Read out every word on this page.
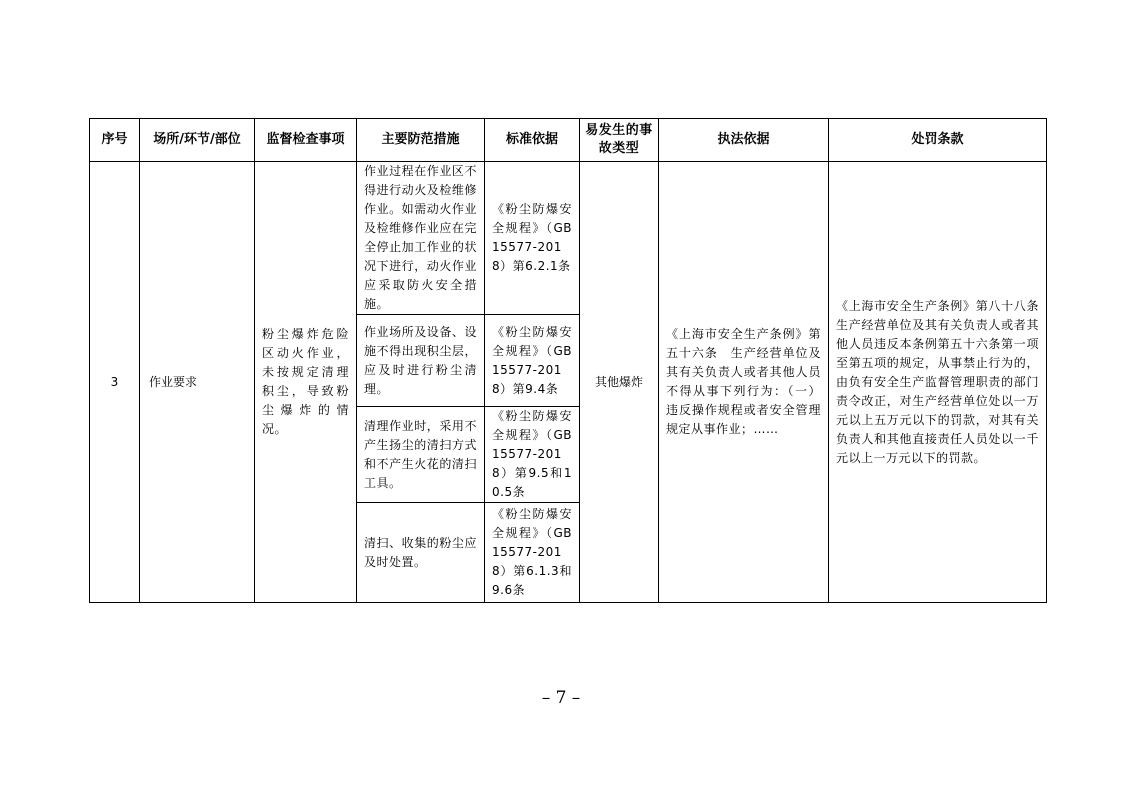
序号	场所/环节/部位	监督检查事项	主要防范措施	标准依据	易发生的事故类型	执法依据	处罚条款
3	作业要求	粉尘爆炸危险区动火作业，未按规定清理积尘，导致粉尘爆炸的情况。	作业过程在作业区不得进行动火及检维修作业。如需动火作业及检维修作业应在完全停止加工作业的状况下进行，动火作业应采取防火安全措施。	《粉尘防爆安全规程》（GB 15577-2018）第6.2.1条	其他爆炸	《上海市安全生产条例》第五十六条　生产经营单位及其有关负责人或者其他人员不得从事下列行为：（一）违反操作规程或者安全管理规定从事作业；……	《上海市安全生产条例》第八十八条 生产经营单位及其有关负责人或者其他人员违反本条例第五十六条第一项至第五项的规定，从事禁止行为的，由负有安全生产监督管理职责的部门责令改正，对生产经营单位处以一万元以上五万元以下的罚款，对其有关负责人和其他直接责任人员处以一千元以上一万元以下的罚款。

			作业场所及设备、设施不得出现积尘层，应及时进行粉尘清理。	《粉尘防爆安全规程》（GB 15577-2018）第9.4条			

			清理作业时，采用不产生扬尘的清扫方式和不产生火花的清扫工具。	《粉尘防爆安全规程》（GB 15577-2018）第9.5和10.5条			

			清扫、收集的粉尘应及时处置。	《粉尘防爆安全规程》（GB 15577-2018）第6.1.3和9.6条			
– 7 –
